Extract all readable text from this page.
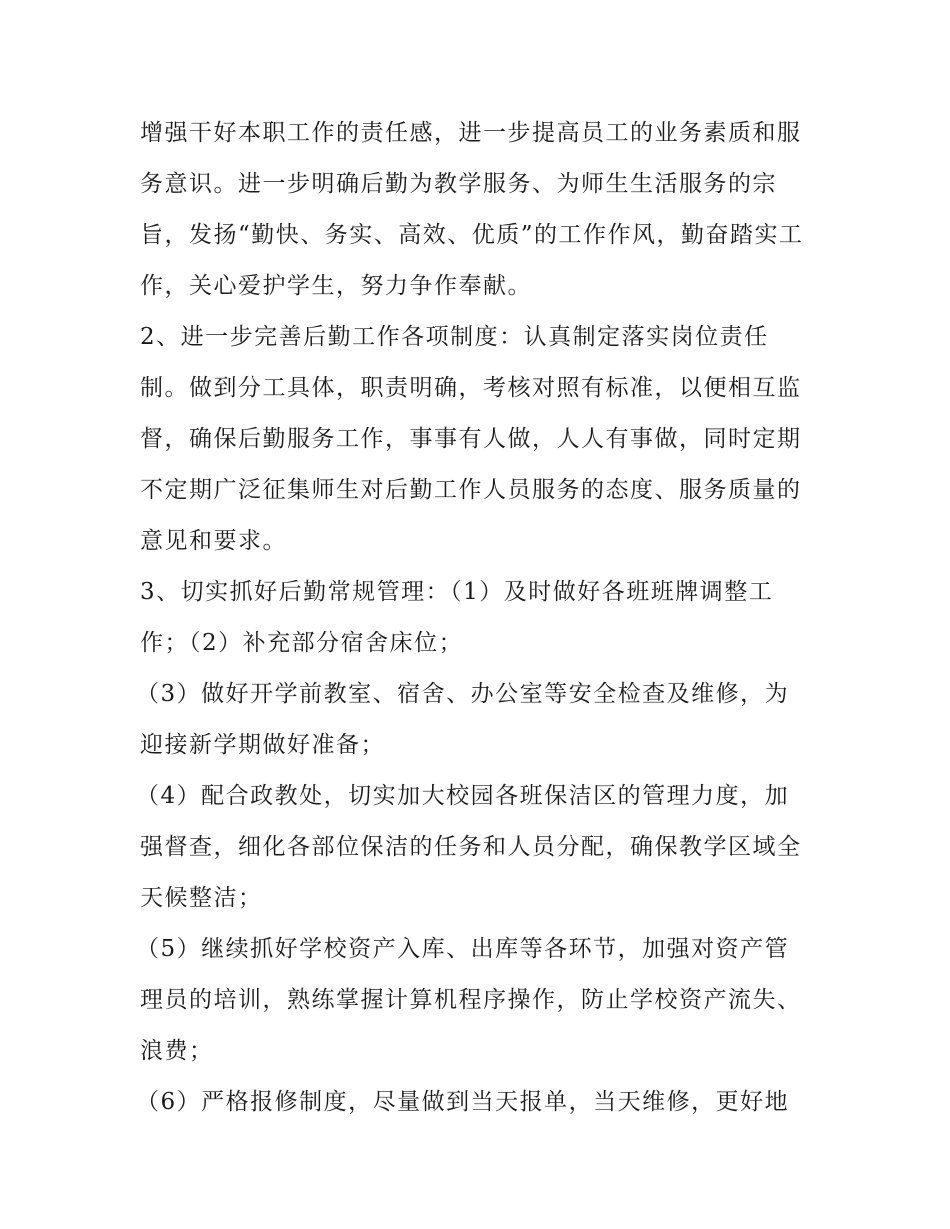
增强干好本职工作的责任感，进一步提高员工的业务素质和服
务意识。进一步明确后勤为教学服务、为师生生活服务的宗
旨，发扬“勤快、务实、高效、优质”的工作作风，勤奋踏实工
作，关心爱护学生，努力争作奉献。
2、进一步完善后勤工作各项制度：认真制定落实岗位责任
制。做到分工具体，职责明确，考核对照有标准，以便相互监
督，确保后勤服务工作，事事有人做，人人有事做，同时定期
不定期广泛征集师生对后勤工作人员服务的态度、服务质量的
意见和要求。
3、切实抓好后勤常规管理：（1）及时做好各班班牌调整工
作；（2）补充部分宿舍床位；
（3）做好开学前教室、宿舍、办公室等安全检查及维修，为
迎接新学期做好准备；
（4）配合政教处，切实加大校园各班保洁区的管理力度，加
强督查，细化各部位保洁的任务和人员分配，确保教学区域全
天候整洁；
（5）继续抓好学校资产入库、出库等各环节，加强对资产管
理员的培训，熟练掌握计算机程序操作，防止学校资产流失、
浪费；
（6）严格报修制度，尽量做到当天报单，当天维修，更好地
